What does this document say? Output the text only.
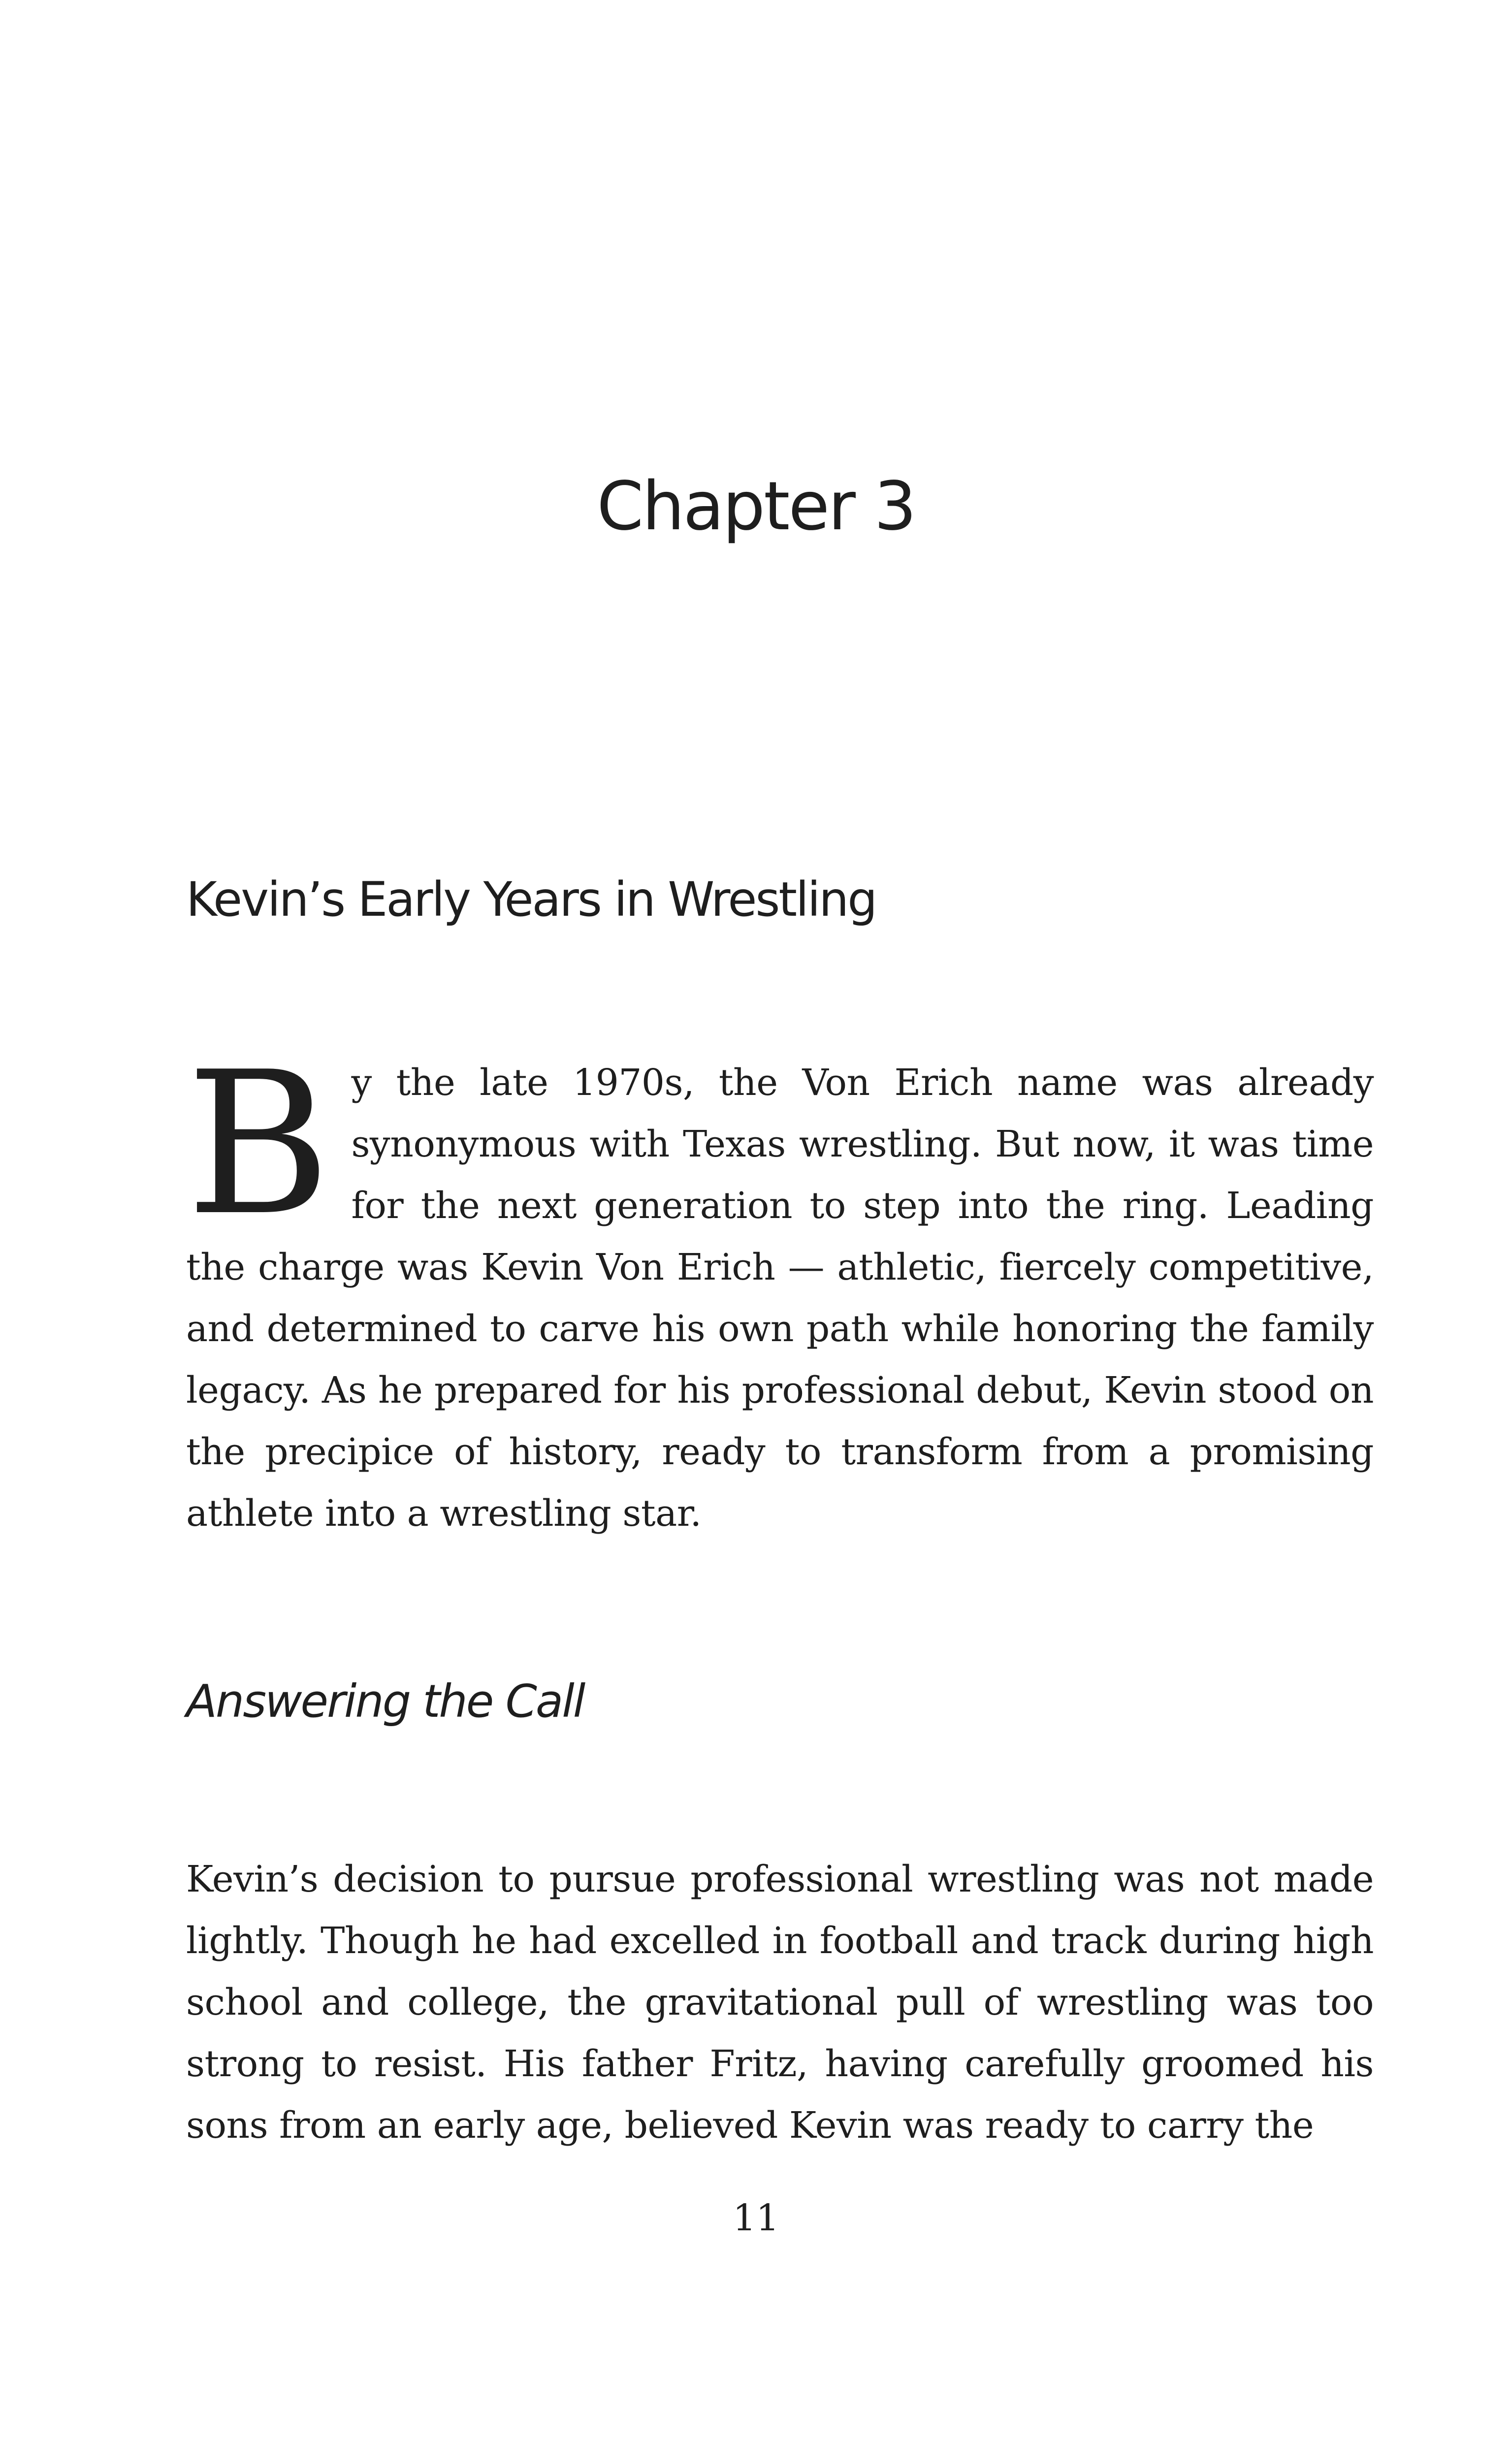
Chapter 3
Kevin’s Early Years in Wrestling

By the late 1970s, the Von Erich name was already synonymous with Texas wrestling. But now, it was time for the next generation to step into the ring. Leading the charge was Kevin Von Erich — athletic, fiercely competitive, and determined to carve his own path while honoring the family legacy. As he prepared for his professional debut, Kevin stood on the precipice of history, ready to transform from a promising athlete into a wrestling star.

Answering the Call

Kevin’s decision to pursue professional wrestling was not made lightly. Though he had excelled in football and track during high school and college, the gravitational pull of wrestling was too strong to resist. His father Fritz, having carefully groomed his sons from an early age, believed Kevin was ready to carry the

11
